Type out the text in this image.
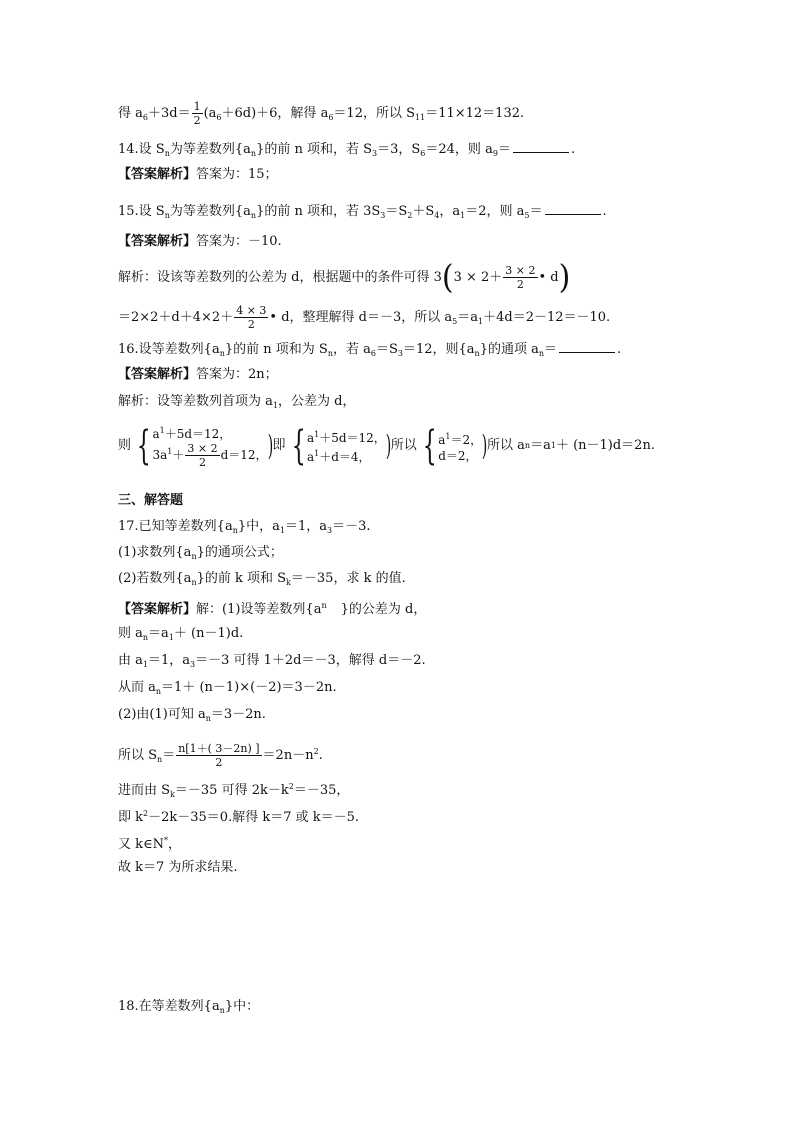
得 $a_6+3d= \frac{1}{2} (a_6+6d)+6$，解得 $a_6=12$，所以 $S_{11}=11\times 12=132$.
14.设 $S_n$为等差数列$\{a_n\}$的前 n 项和，若 $S_3=3$，$S_6=24$，则 $a_9=$	.
【答案解析】答案为：15；
15.设 $S_n$为等差数列$\{a_n\}$的前 n 项和，若 $3S_3=S_2+S_4$，$a_1=2$，则 $a_5=$	.
【答案解析】答案为：－10.
解析：设该等差数列的公差为 d，根据题中的条件可得 $3(3 \times 2+ \frac{3 \times 2}{2}$ • d)
$=2\times 2+d+4\times 2+ \frac{4 \times 3}{2}$ • d，整理解得 d＝－3，所以 $a_5=a_1+4d=2-12=-10$.
16.设等差数列$\{a_n\}$的前 n 项和为 $S_n$，若 $a_6=S_3=12$，则$\{a_n\}$的通项 $a_n=$	.
【答案解析】答案为：2n；
解析：设等差数列首项为 $a_1$，公差为 d，
则 { $a^1+5d=12$，
$3a^1+ \frac{3 \times 2}{2} d=12$， ) 即 { $a^1+5d=12$，
$a^1+d=4$， ) 所以 { $a^1=2$，
d＝2， ) 所以 a n ＝a 1 ＋ (n－1)d＝2n.
三、解答题
17.已知等差数列$\{a_n\}$中，$a_1=1$，$a_3=-3$.
(1)求数列$\{a_n\}$的通项公式；
(2)若数列$\{a_n\}$的前 k 项和 $S_k=-35$，求 k 的值.
【答案解析】解：(1)设等差数列{$a^n$ }的公差为 d，
则 $a_n=a_1+ (n-1)d$.
由 $a_1=1$，$a_3=-3$ 可得 1＋2d＝－3，解得 d＝－2.
从而 $a_n=1+ (n-1)\times(-2)=3-2n$.
(2)由(1)可知 $a_n=3-2n$.
所以 $S_n= \frac{n[1+( 3-2n) ]}{2} =2n-n^2$.
进而由 $S_k=-35$ 可得 $2k-k^2=-35$，
即 $k^2-2k-35=0$.解得 k＝7 或 k＝－5.
又 k∈N*，
故 k＝7 为所求结果.
18.在等差数列$\{a_n\}$中：
